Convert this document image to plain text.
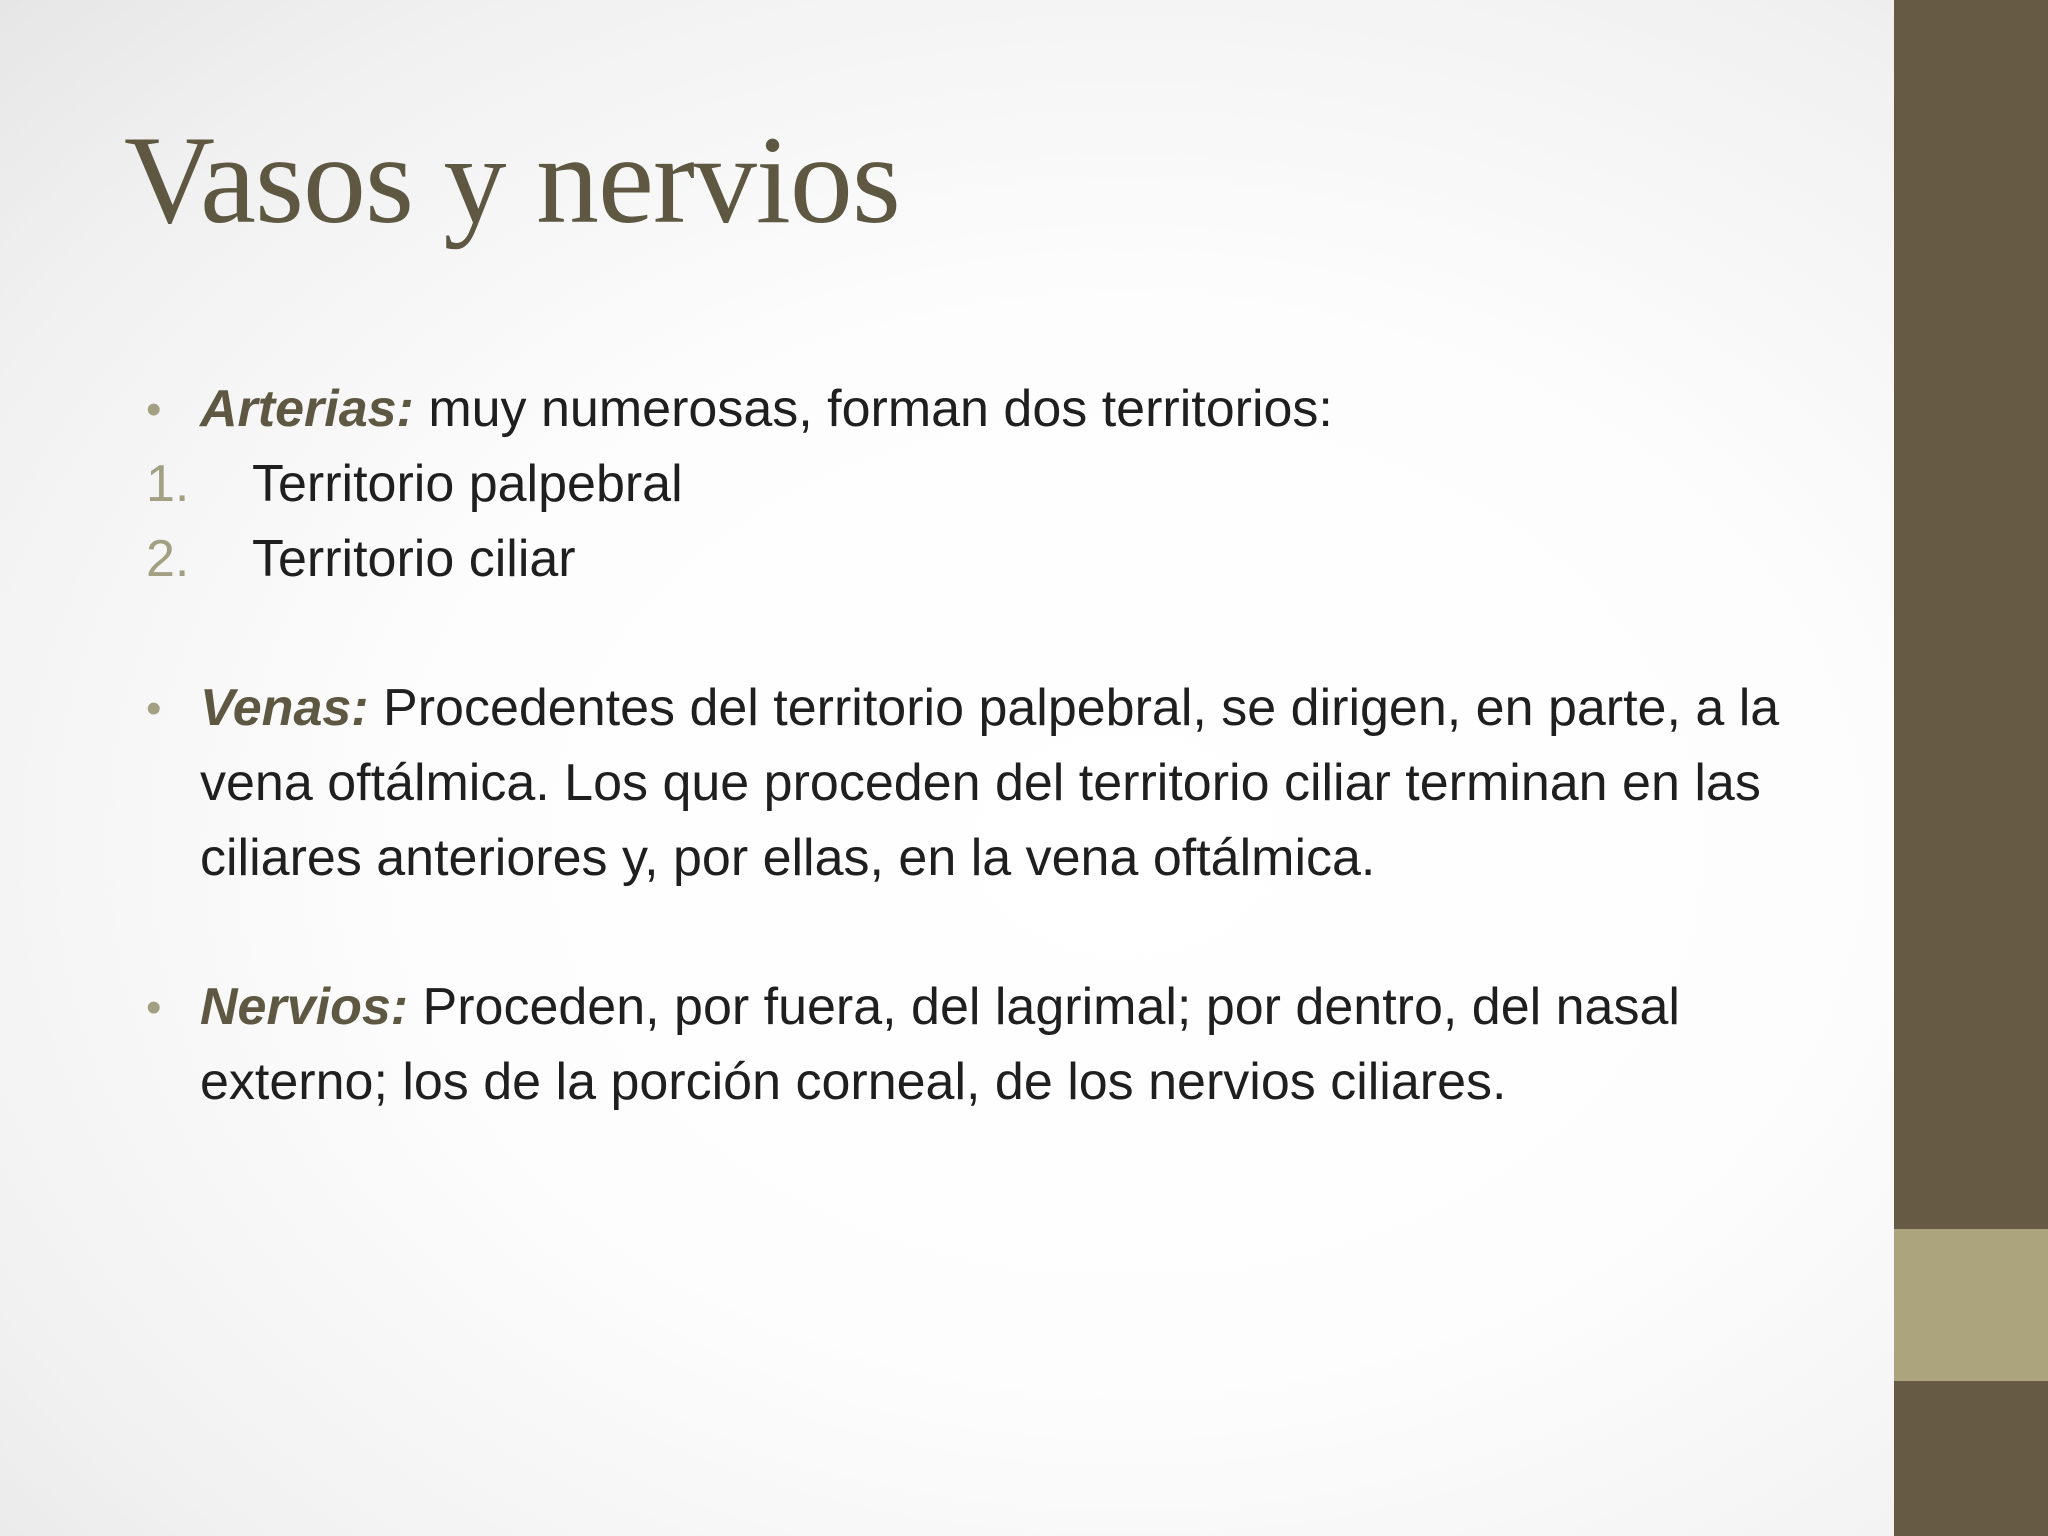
Vasos y nervios
• Arterias: muy numerosas, forman dos territorios:
1. Territorio palpebral
2. Territorio ciliar
• Venas: Procedentes del territorio palpebral, se dirigen, en parte, a la vena oftálmica. Los que proceden del territorio ciliar terminan en las ciliares anteriores y, por ellas, en la vena oftálmica.
• Nervios: Proceden, por fuera, del lagrimal; por dentro, del nasal externo; los de la porción corneal, de los nervios ciliares.
